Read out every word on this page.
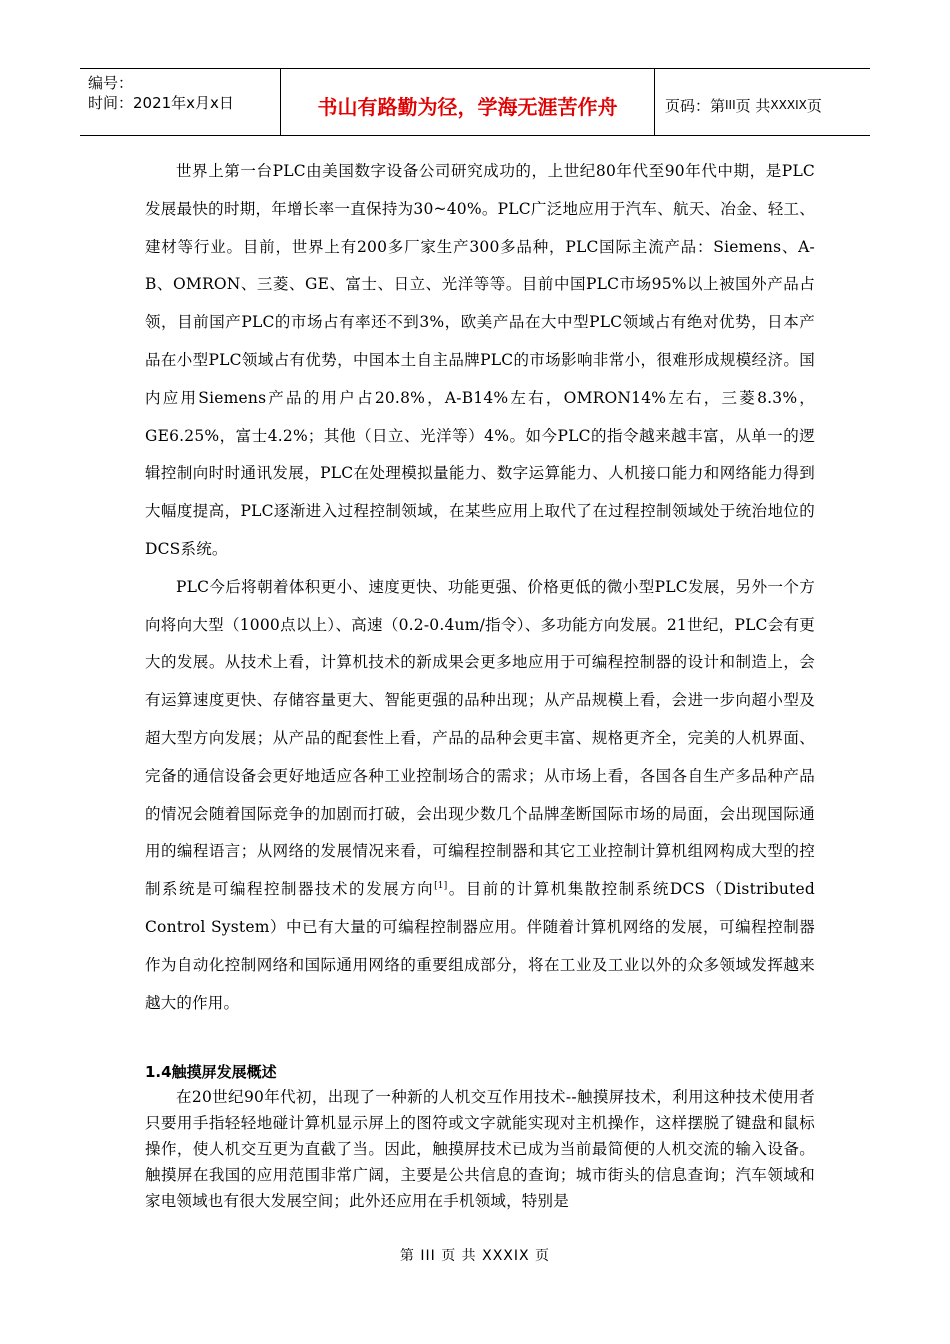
编号：
时间：2021年x月x日	书山有路勤为径，学海无涯苦作舟	页码：第 III 页 共 XXXIX 页

世界上第一台PLC由美国数字设备公司研究成功的，上世纪80年代至90年代中期，是PLC发展最快的时期，年增长率一直保持为30~40%。PLC广泛地应用于汽车、航天、冶金、轻工、建材等行业。目前，世界上有200多厂家生产300多品种，PLC国际主流产品：Siemens、A-B、OMRON、三菱、GE、富士、日立、光洋等等。目前中国PLC市场95%以上被国外产品占领，目前国产PLC的市场占有率还不到3%，欧美产品在大中型PLC领域占有绝对优势，日本产品在小型PLC领域占有优势，中国本土自主品牌PLC的市场影响非常小，很难形成规模经济。国内应用Siemens产品的用户占20.8%，A-B14%左右，OMRON14%左右，三菱8.3%，GE6.25%，富士4.2%；其他（日立、光洋等）4%。如今PLC的指令越来越丰富，从单一的逻辑控制向时时通讯发展，PLC在处理模拟量能力、数字运算能力、人机接口能力和网络能力得到大幅度提高，PLC逐渐进入过程控制领域，在某些应用上取代了在过程控制领域处于统治地位的DCS系统。

PLC今后将朝着体积更小、速度更快、功能更强、价格更低的微小型PLC发展，另外一个方向将向大型（1000点以上）、高速（0.2-0.4um/指令）、多功能方向发展。21世纪，PLC会有更大的发展。从技术上看，计算机技术的新成果会更多地应用于可编程控制器的设计和制造上，会有运算速度更快、存储容量更大、智能更强的品种出现；从产品规模上看，会进一步向超小型及超大型方向发展；从产品的配套性上看，产品的品种会更丰富、规格更齐全，完美的人机界面、完备的通信设备会更好地适应各种工业控制场合的需求；从市场上看，各国各自生产多品种产品的情况会随着国际竞争的加剧而打破，会出现少数几个品牌垄断国际市场的局面，会出现国际通用的编程语言；从网络的发展情况来看，可编程控制器和其它工业控制计算机组网构成大型的控制系统是可编程控制器技术的发展方向[1]。目前的计算机集散控制系统DCS（Distributed Control System）中已有大量的可编程控制器应用。伴随着计算机网络的发展，可编程控制器作为自动化控制网络和国际通用网络的重要组成部分，将在工业及工业以外的众多领域发挥越来越大的作用。

1.4触摸屏发展概述

在20世纪90年代初，出现了一种新的人机交互作用技术--触摸屏技术，利用这种技术使用者只要用手指轻轻地碰计算机显示屏上的图符或文字就能实现对主机操作，这样摆脱了键盘和鼠标操作，使人机交互更为直截了当。因此，触摸屏技术已成为当前最简便的人机交流的输入设备。触摸屏在我国的应用范围非常广阔，主要是公共信息的查询；城市街头的信息查询；汽车领域和家电领域也有很大发展空间；此外还应用在手机领域，特别是

第 III 页 共 XXXIX 页
